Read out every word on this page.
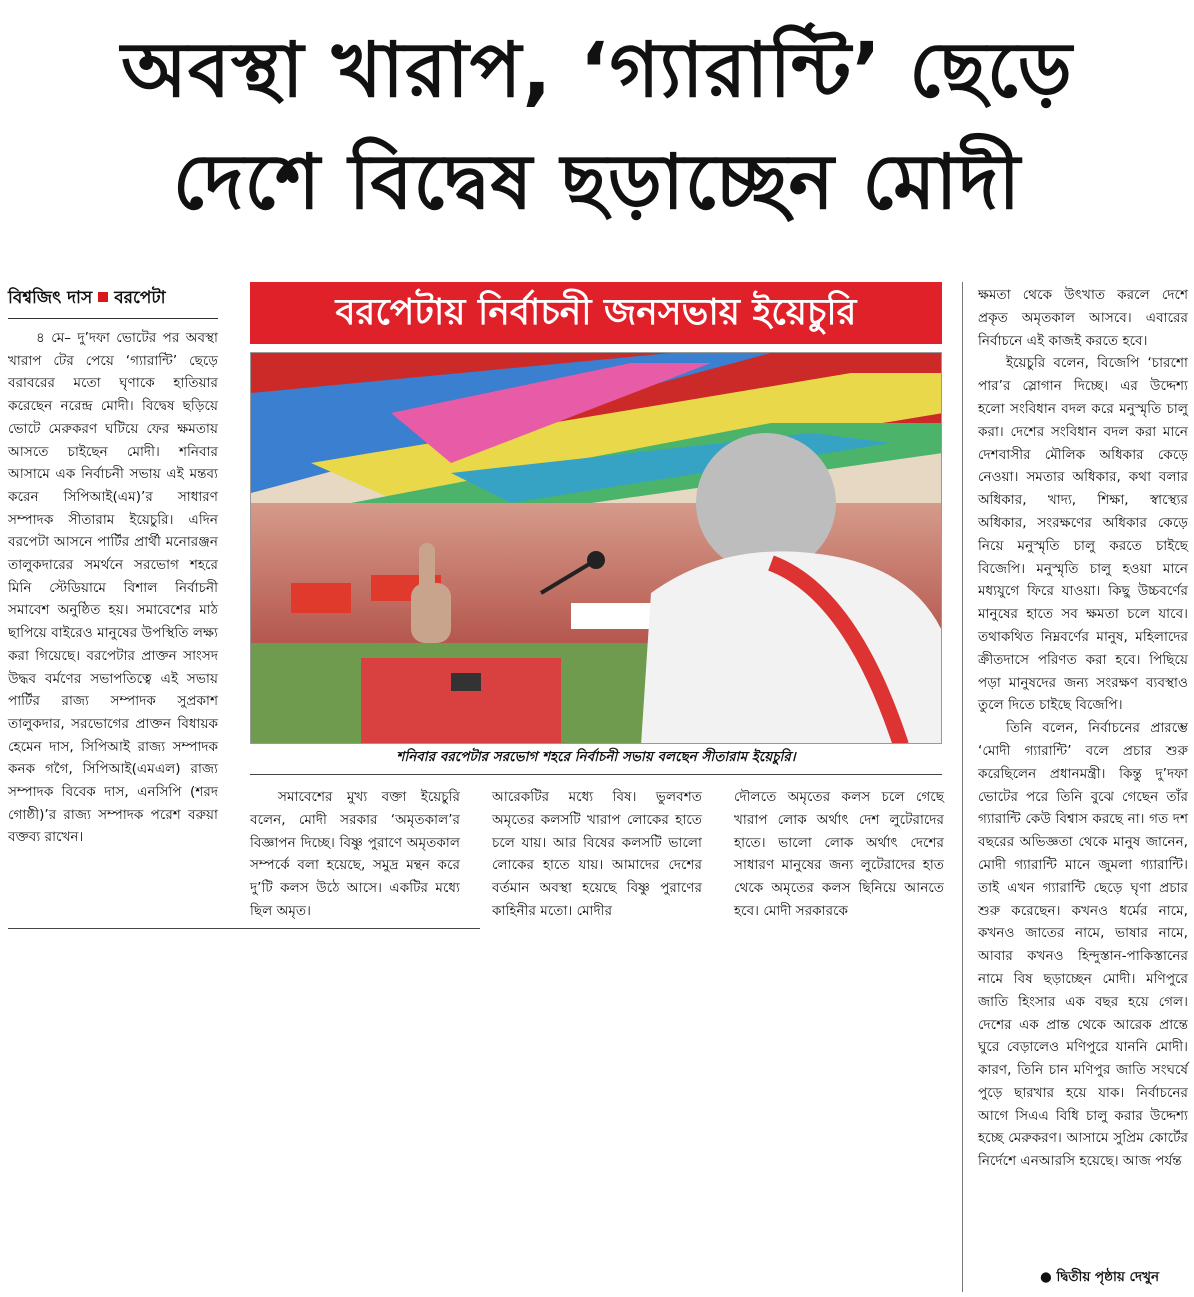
অবস্থা খারাপ, ‘গ্যারান্টি’ ছেড়ে
দেশে বিদ্বেষ ছড়াচ্ছেন মোদী
বিশ্বজিৎ দাস বরপেটা

৪ মে– দু’দফা ভোটের পর অবস্থা খারাপ টের পেয়ে ‘গ্যারান্টি’ ছেড়ে বরাবরের মতো ঘৃণাকে হাতিয়ার করেছেন নরেন্দ্র মোদী। বিদ্বেষ ছড়িয়ে ভোটে মেরুকরণ ঘটিয়ে ফের ক্ষমতায় আসতে চাইছেন মোদী। শনিবার আসামে এক নির্বাচনী সভায় এই মন্তব্য করেন সিপিআই(এম)’র সাধারণ সম্পাদক সীতারাম ইয়েচুরি। এদিন বরপেটা আসনে পার্টির প্রার্থী মনোরঞ্জন তালুকদারের সমর্থনে সরভোগ শহরে মিনি স্টেডিয়ামে বিশাল নির্বাচনী সমাবেশ অনুষ্ঠিত হয়। সমাবেশের মাঠ ছাপিয়ে বাইরেও মানুষের উপস্থিতি লক্ষ্য করা গিয়েছে। বরপেটার প্রাক্তন সাংসদ উদ্ধব বর্মণের সভাপতিত্বে এই সভায় পার্টির রাজ্য সম্পাদক সুপ্রকাশ তালুকদার, সরভোগের প্রাক্তন বিধায়ক হেমেন দাস, সিপিআই রাজ্য সম্পাদক কনক গগৈ, সিপিআই(এমএল) রাজ্য সম্পাদক বিবেক দাস, এনসিপি (শরদ গোষ্ঠী)’র রাজ্য সম্পাদক পরেশ বরুয়া বক্তব্য রাখেন।

বরপেটায় নির্বাচনী জনসভায় ইয়েচুরি
শনিবার বরপেটার সরভোগ শহরে নির্বাচনী সভায় বলছেন সীতারাম ইয়েচুরি।

সমাবেশের মুখ্য বক্তা ইয়েচুরি বলেন, মোদী সরকার ‘অমৃতকাল’র বিজ্ঞাপন দিচ্ছে। বিষ্ণু পুরাণে অমৃতকাল সম্পর্কে বলা হয়েছে, সমুদ্র মন্থন করে দু’টি কলস উঠে আসে। একটির মধ্যে ছিল অমৃত।

আরেকটির মধ্যে বিষ। ভুলবশত অমৃতের কলসটি খারাপ লোকের হাতে চলে যায়। আর বিষের কলসটি ভালো লোকের হাতে যায়। আমাদের দেশের বর্তমান অবস্থা হয়েছে বিষ্ণু পুরাণের কাহিনীর মতো। মোদীর

দৌলতে অমৃতের কলস চলে গেছে খারাপ লোক অর্থাৎ দেশ লুটেরাদের হাতে। ভালো লোক অর্থাৎ দেশের সাধারণ মানুষের জন্য লুটেরাদের হাত থেকে অমৃতের কলস ছিনিয়ে আনতে হবে। মোদী সরকারকে

ক্ষমতা থেকে উৎখাত করলে দেশে প্রকৃত অমৃতকাল আসবে। এবারের নির্বাচনে এই কাজই করতে হবে।

ইয়েচুরি বলেন, বিজেপি ‘চারশো পার’র স্লোগান দিচ্ছে। এর উদ্দেশ্য হলো সংবিধান বদল করে মনুস্মৃতি চালু করা। দেশের সংবিধান বদল করা মানে দেশবাসীর মৌলিক অধিকার কেড়ে নেওয়া। সমতার অধিকার, কথা বলার অধিকার, খাদ্য, শিক্ষা, স্বাস্থ্যের অধিকার, সংরক্ষণের অধিকার কেড়ে নিয়ে মনুস্মৃতি চালু করতে চাইছে বিজেপি। মনুস্মৃতি চালু হওয়া মানে মধ্যযুগে ফিরে যাওয়া। কিছু উচ্চবর্ণের মানুষের হাতে সব ক্ষমতা চলে যাবে। তথাকথিত নিম্নবর্ণের মানুষ, মহিলাদের ক্রীতদাসে পরিণত করা হবে। পিছিয়ে পড়া মানুষদের জন্য সংরক্ষণ ব্যবস্থাও তুলে দিতে চাইছে বিজেপি।

তিনি বলেন, নির্বাচনের প্রারম্ভে ‘মোদী গ্যারান্টি’ বলে প্রচার শুরু করেছিলেন প্রধানমন্ত্রী। কিন্তু দু’দফা ভোটের পরে তিনি বুঝে গেছেন তাঁর গ্যারান্টি কেউ বিশ্বাস করছে না। গত দশ বছরের অভিজ্ঞতা থেকে মানুষ জানেন, মোদী গ্যারান্টি মানে জুমলা গ্যারান্টি। তাই এখন গ্যারান্টি ছেড়ে ঘৃণা প্রচার শুরু করেছেন। কখনও ধর্মের নামে, কখনও জাতের নামে, ভাষার নামে, আবার কখনও হিন্দুস্তান-পাকিস্তানের নামে বিষ ছড়াচ্ছেন মোদী। মণিপুরে জাতি হিংসার এক বছর হয়ে গেল। দেশের এক প্রান্ত থেকে আরেক প্রান্তে ঘুরে বেড়ালেও মণিপুরে যাননি মোদী। কারণ, তিনি চান মণিপুর জাতি সংঘর্ষে পুড়ে ছারখার হয়ে যাক। নির্বাচনের আগে সিএএ বিধি চালু করার উদ্দেশ্য হচ্ছে মেরুকরণ। আসামে সুপ্রিম কোর্টের নির্দেশে এনআরসি হয়েছে। আজ পর্যন্ত

● দ্বিতীয় পৃষ্ঠায় দেখুন
